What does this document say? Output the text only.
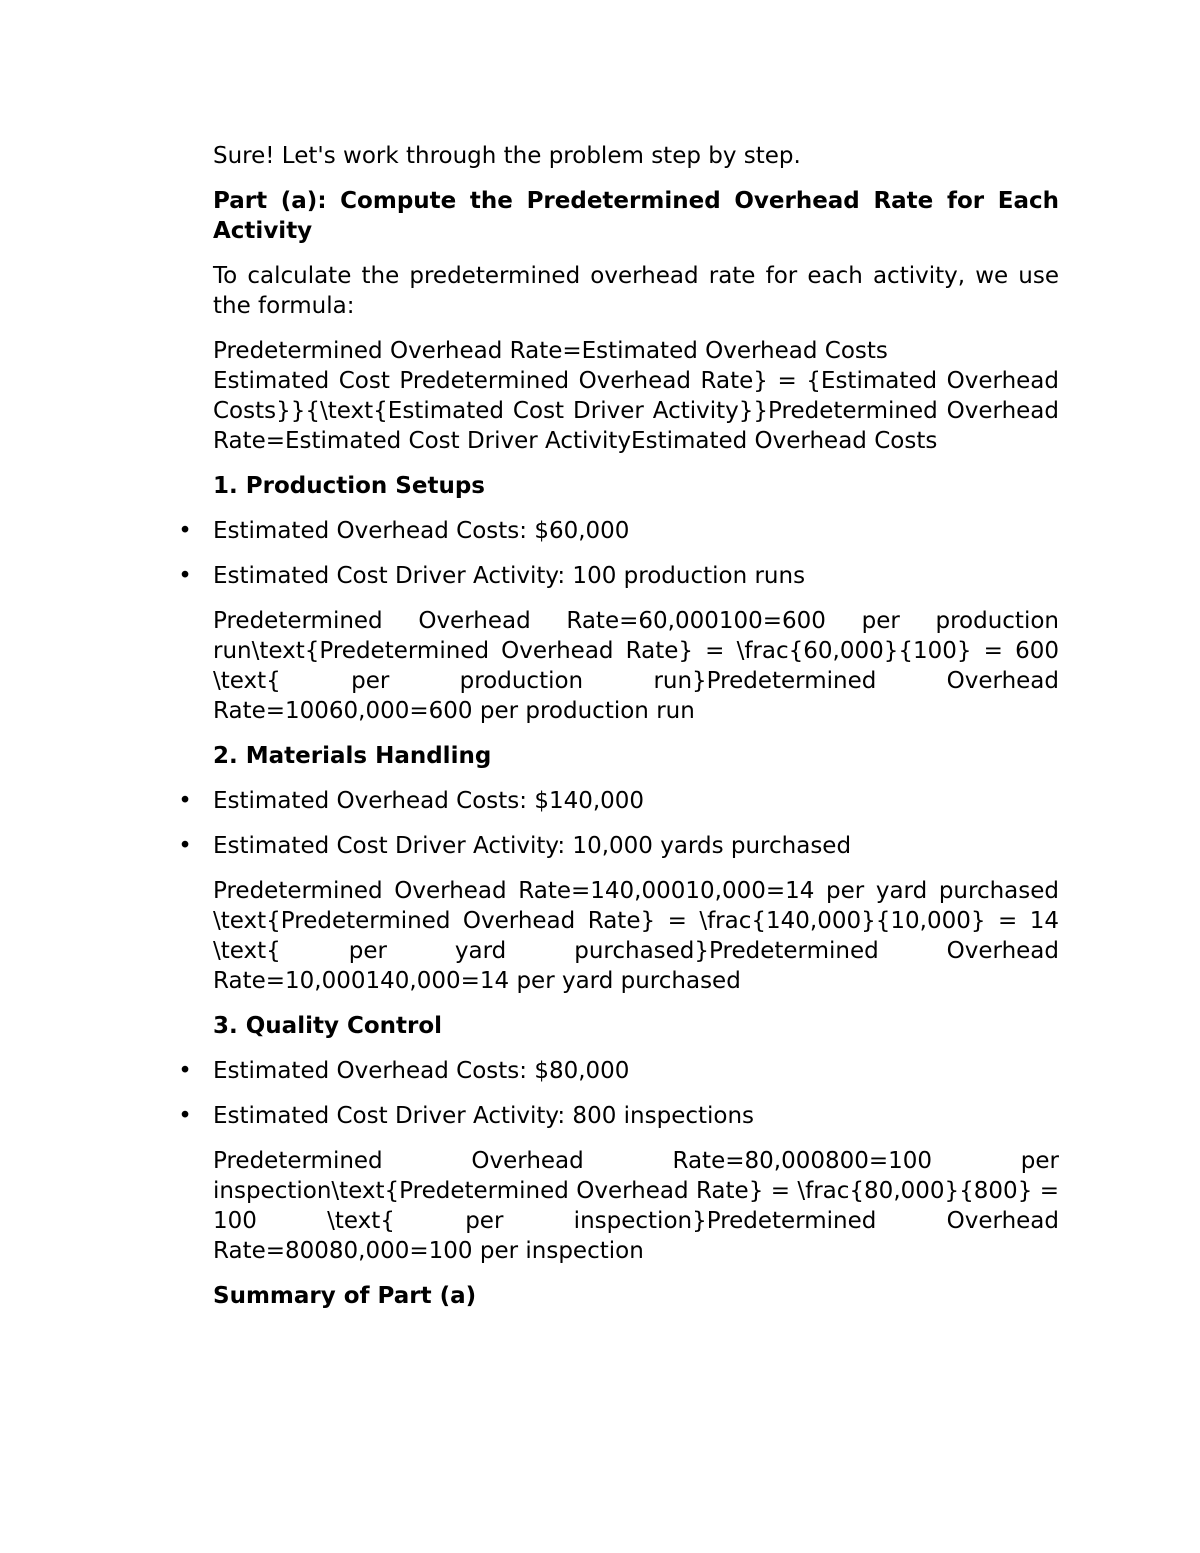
Sure! Let's work through the problem step by step.

Part (a): Compute the Predetermined Overhead Rate for Each Activity

To calculate the predetermined overhead rate for each activity, we use the formula:

Predetermined Overhead Rate=Estimated Overhead Costs
Estimated Cost Predetermined Overhead Rate} = {Estimated Overhead Costs}}{\text{Estimated Cost Driver Activity}}Predetermined Overhead Rate=Estimated Cost Driver ActivityEstimated Overhead Costs

1. Production Setups

• Estimated Overhead Costs: $60,000
• Estimated Cost Driver Activity: 100 production runs

Predetermined Overhead Rate=60,000100=600 per production run\text{Predetermined Overhead Rate} = \frac{60,000}{100} = 600 \text{ per production run}Predetermined Overhead Rate=10060,000=600 per production run

2. Materials Handling

• Estimated Overhead Costs: $140,000
• Estimated Cost Driver Activity: 10,000 yards purchased

Predetermined Overhead Rate=140,00010,000=14 per yard purchased \text{Predetermined Overhead Rate} = \frac{140,000}{10,000} = 14 \text{ per yard purchased}Predetermined Overhead Rate=10,000140,000=14 per yard purchased

3. Quality Control

• Estimated Overhead Costs: $80,000
• Estimated Cost Driver Activity: 800 inspections

Predetermined Overhead Rate=80,000800=100 per inspection\text{Predetermined Overhead Rate} = \frac{80,000}{800} = 100 \text{ per inspection}Predetermined Overhead Rate=80080,000=100 per inspection

Summary of Part (a)
